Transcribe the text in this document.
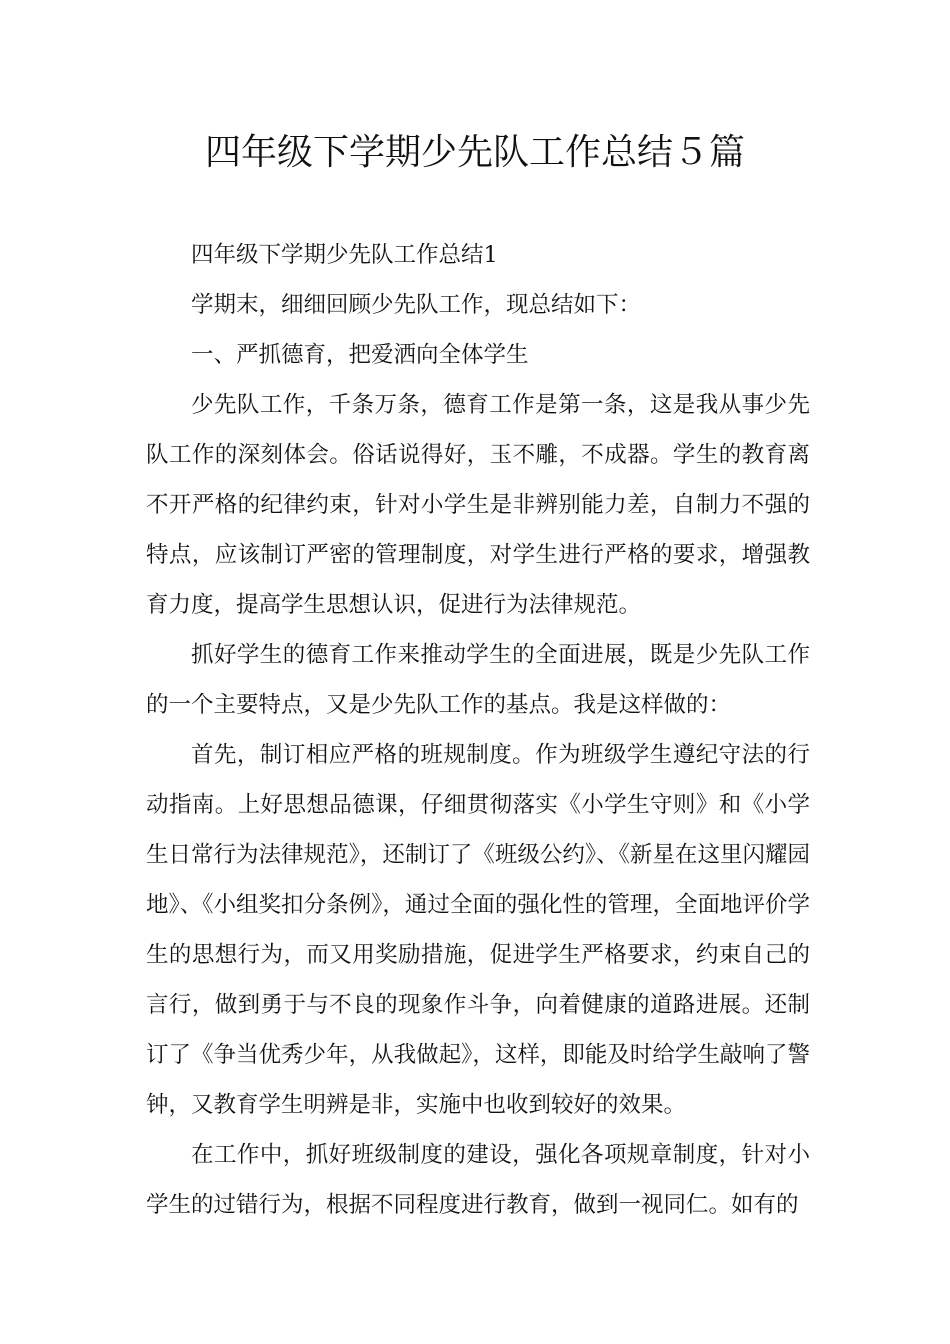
四年级下学期少先队工作总结５篇

四年级下学期少先队工作总结1

学期末，细细回顾少先队工作，现总结如下：

一、严抓德育，把爱洒向全体学生

少先队工作，千条万条，德育工作是第一条，这是我从事少先队工作的深刻体会。俗话说得好，玉不雕，不成器。学生的教育离不开严格的纪律约束，针对小学生是非辨别能力差，自制力不强的特点，应该制订严密的管理制度，对学生进行严格的要求，增强教育力度，提高学生思想认识，促进行为法律规范。

抓好学生的德育工作来推动学生的全面进展，既是少先队工作的一个主要特点，又是少先队工作的基点。我是这样做的：

首先，制订相应严格的班规制度。作为班级学生遵纪守法的行动指南。上好思想品德课，仔细贯彻落实《小学生守则》和《小学生日常行为法律规范》，还制订了《班级公约》、《新星在这里闪耀园地》、《小组奖扣分条例》，通过全面的强化性的管理，全面地评价学生的思想行为，而又用奖励措施，促进学生严格要求，约束自己的言行，做到勇于与不良的现象作斗争，向着健康的道路进展。还制订了《争当优秀少年，从我做起》，这样，即能及时给学生敲响了警钟，又教育学生明辨是非，实施中也收到较好的效果。

在工作中，抓好班级制度的建设，强化各项规章制度，针对小学生的过错行为，根据不同程度进行教育，做到一视同仁。如有的
